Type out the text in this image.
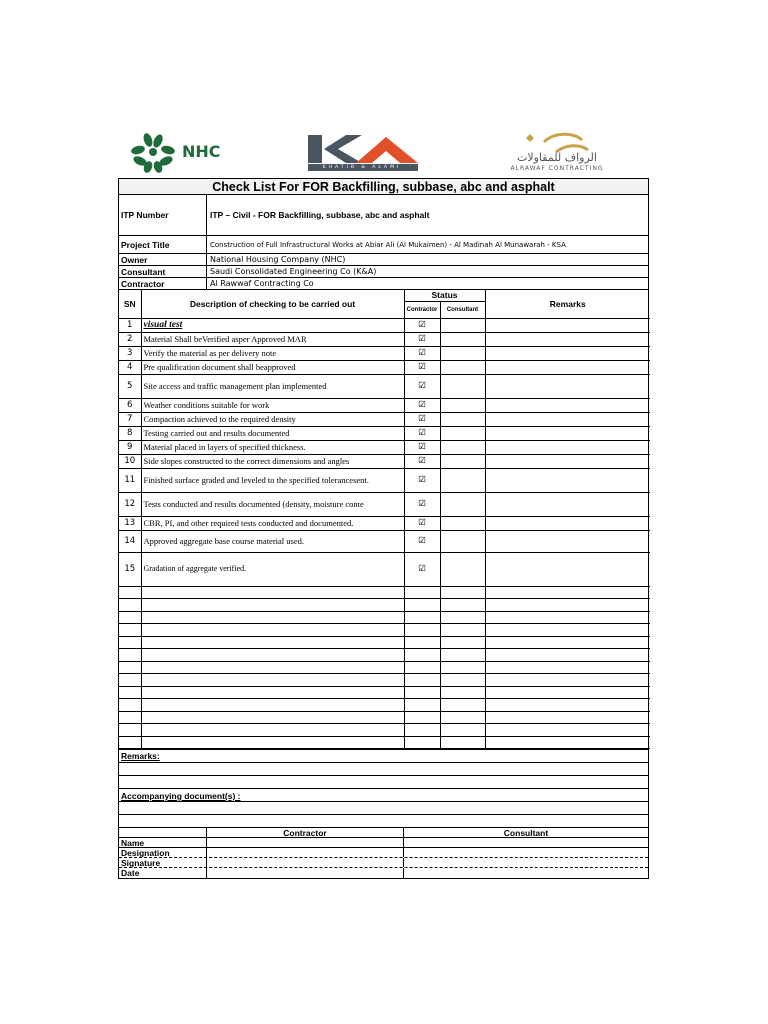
NHC
KHATIB & ALAMI
الرواف للمقاولات
ALRAWAF CONTRACTING
Check List For FOR Backfilling, subbase, abc and asphalt
ITP Number	ITP – Civil - FOR Backfilling, subbase, abc and asphalt
Project Title	Construction of Full Infrastructural Works at Abiar Ali (Al Mukaimen) - Al Madinah Al Munawarah - KSA
Owner	National Housing Company (NHC)
Consultant	Saudi Consolidated Engineering Co (K&A)
Contractor	Al Rawwaf Contracting Co
SN	Description of checking to be carried out	Status		Remarks
		Contractor	Consultant	
1	visual test	☑		
2	Material Shall beVerified asper Approved MAR	☑		
3	Verify the material as per delivery note	☑		
4	Pre qualification document shall beapproved	☑		
5	Site access and traffic management plan implemented	☑		
6	Weather conditions suitable for work	☑		
7	Compaction achieved to the required density	☑		
8	Testing carried out and results documented	☑		
9	Material placed in layers of specified thickness.	☑		
10	Side slopes constructed to the correct dimensions and angles	☑		
11	Finished surface graded and leveled to the specified tolerancesent.	☑		
12	Tests conducted and results documented (density, moisture conte	☑		
13	CBR, PI, and other required tests conducted and documented.	☑		
14	Approved aggregate base course material used.	☑		
15	Gradation of aggregate verified.	☑		

Remarks:
Accompanying document(s) :
Contractor	Consultant
Name
Designation
Signature
Date
